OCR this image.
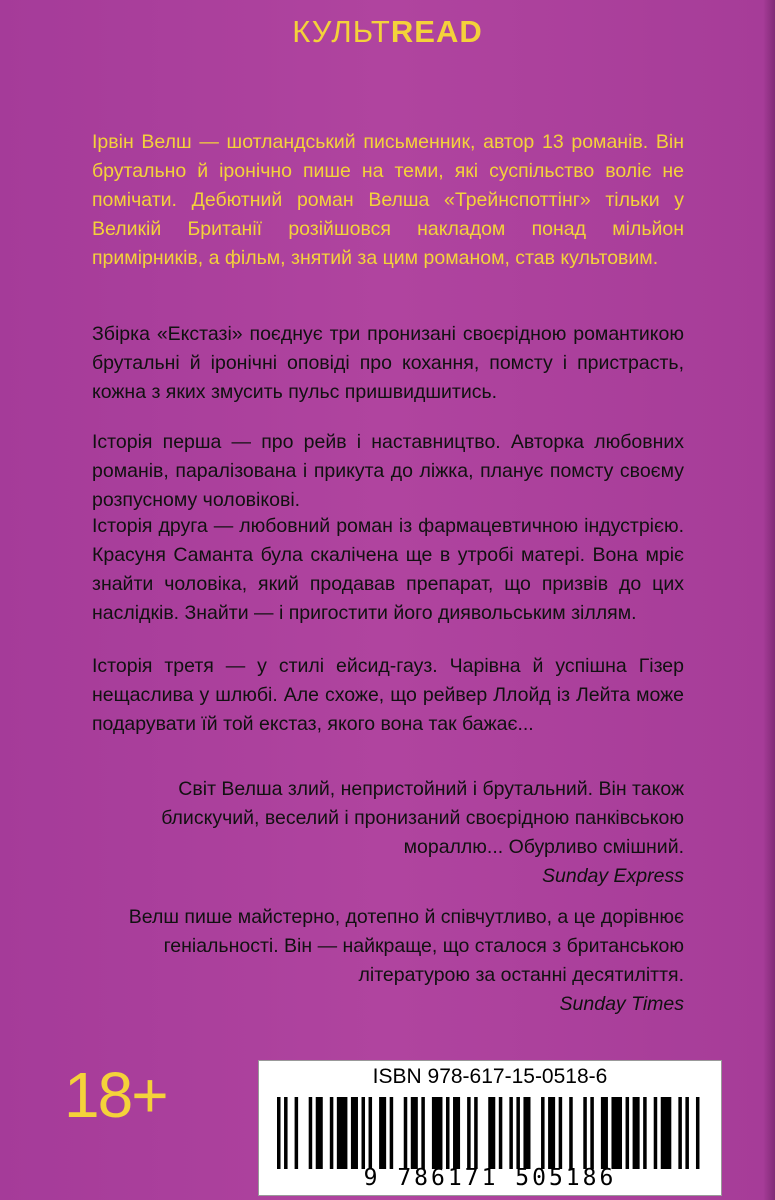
КУЛЬТREAD
Ірвін Велш — шотландський письменник, автор 13 романів. Він брутально й іронічно пише на теми, які суспільство воліє не помічати. Дебютний роман Велша «Трейнспоттінг» тільки у Великій Британії розійшовся накладом понад мільйон примірників, а фільм, знятий за цим романом, став культовим.
Збірка «Екстазі» поєднує три пронизані своєрідною романтикою брутальні й іронічні оповіді про кохання, помсту і пристрасть, кожна з яких змусить пульс пришвидшитись.
Історія перша — про рейв і наставництво. Авторка любовних романів, паралізована і прикута до ліжка, планує помсту своєму розпусному чоловікові.
Історія друга — любовний роман із фармацевтичною індустрією. Красуня Саманта була скалічена ще в утробі матері. Вона мріє знайти чоловіка, який продавав препарат, що призвів до цих наслідків. Знайти — і пригостити його диявольським зіллям.
Історія третя — у стилі ейсид-гауз. Чарівна й успішна Гізер нещаслива у шлюбі. Але схоже, що рейвер Ллойд із Лейта може подарувати їй той екстаз, якого вона так бажає...
Світ Велша злий, непристойний і брутальний. Він також блискучий, веселий і пронизаний своєрідною панківською мораллю... Обурливо смішний.
Sunday Express
Велш пише майстерно, дотепно й співчутливо, а це дорівнює геніальності. Він — найкраще, що сталося з британською літературою за останні десятиліття.
Sunday Times
18+	ISBN 978-617-15-0518-6
9 786171 505186
